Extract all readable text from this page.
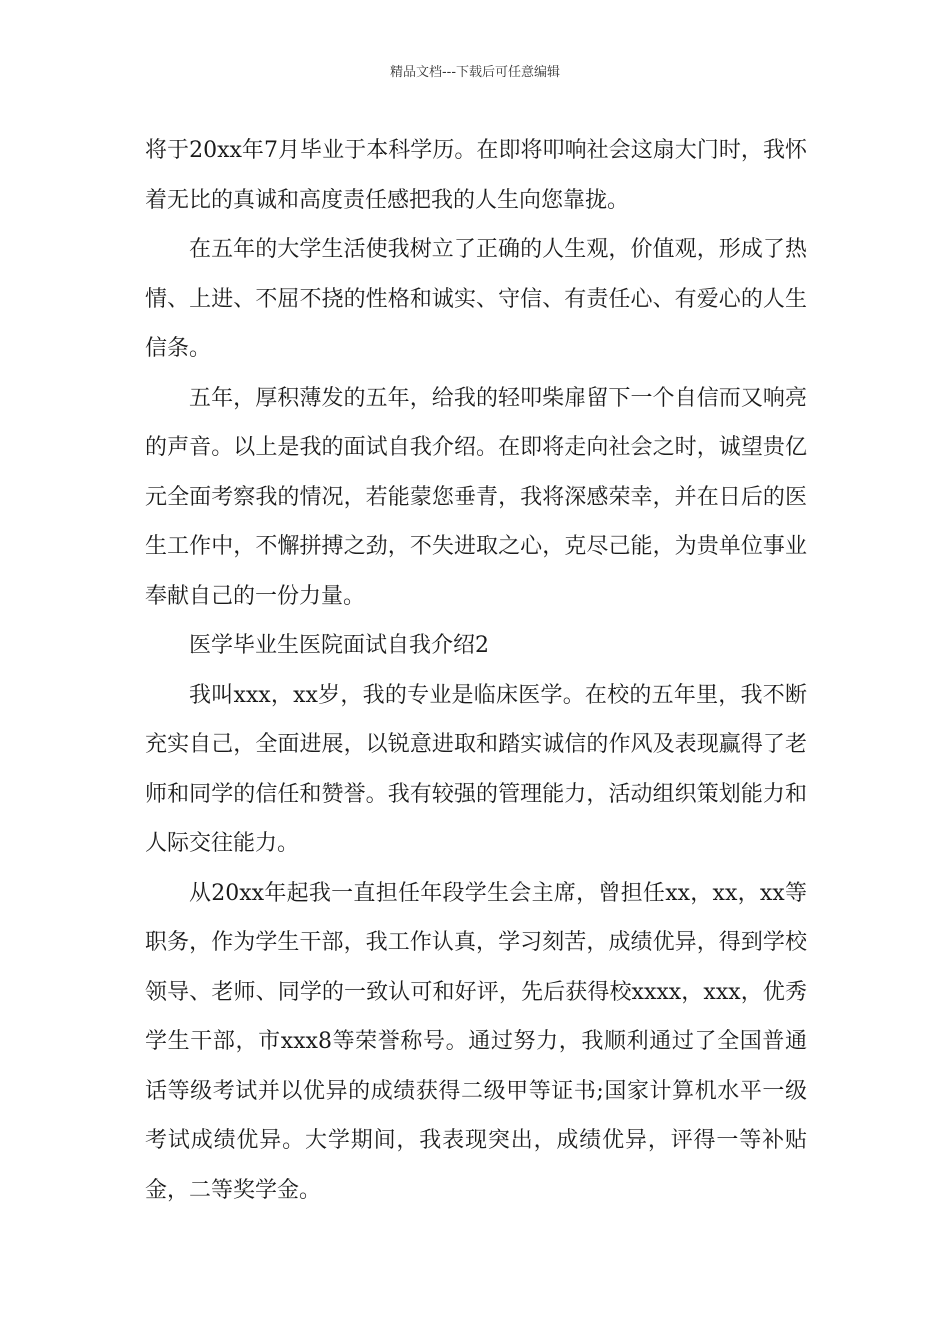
精品文档---下载后可任意编辑

将于20xx年7月毕业于本科学历。在即将叩响社会这扇大门时，我怀着无比的真诚和高度责任感把我的人生向您靠拢。

在五年的大学生活使我树立了正确的人生观，价值观，形成了热情、上进、不屈不挠的性格和诚实、守信、有责任心、有爱心的人生信条。

五年，厚积薄发的五年，给我的轻叩柴扉留下一个自信而又响亮的声音。以上是我的面试自我介绍。在即将走向社会之时，诚望贵亿元全面考察我的情况，若能蒙您垂青，我将深感荣幸，并在日后的医生工作中，不懈拼搏之劲，不失进取之心，克尽己能，为贵单位事业奉献自己的一份力量。

医学毕业生医院面试自我介绍2

我叫xxx，xx岁，我的专业是临床医学。在校的五年里，我不断充实自己，全面进展，以锐意进取和踏实诚信的作风及表现赢得了老师和同学的信任和赞誉。我有较强的管理能力，活动组织策划能力和人际交往能力。

从20xx年起我一直担任年段学生会主席，曾担任xx，xx，xx等职务，作为学生干部，我工作认真，学习刻苦，成绩优异，得到学校领导、老师、同学的一致认可和好评，先后获得校xxxx，xxx，优秀学生干部，市xxx8等荣誉称号。通过努力，我顺利通过了全国普通话等级考试并以优异的成绩获得二级甲等证书;国家计算机水平一级考试成绩优异。大学期间，我表现突出，成绩优异，评得一等补贴金，二等奖学金。
